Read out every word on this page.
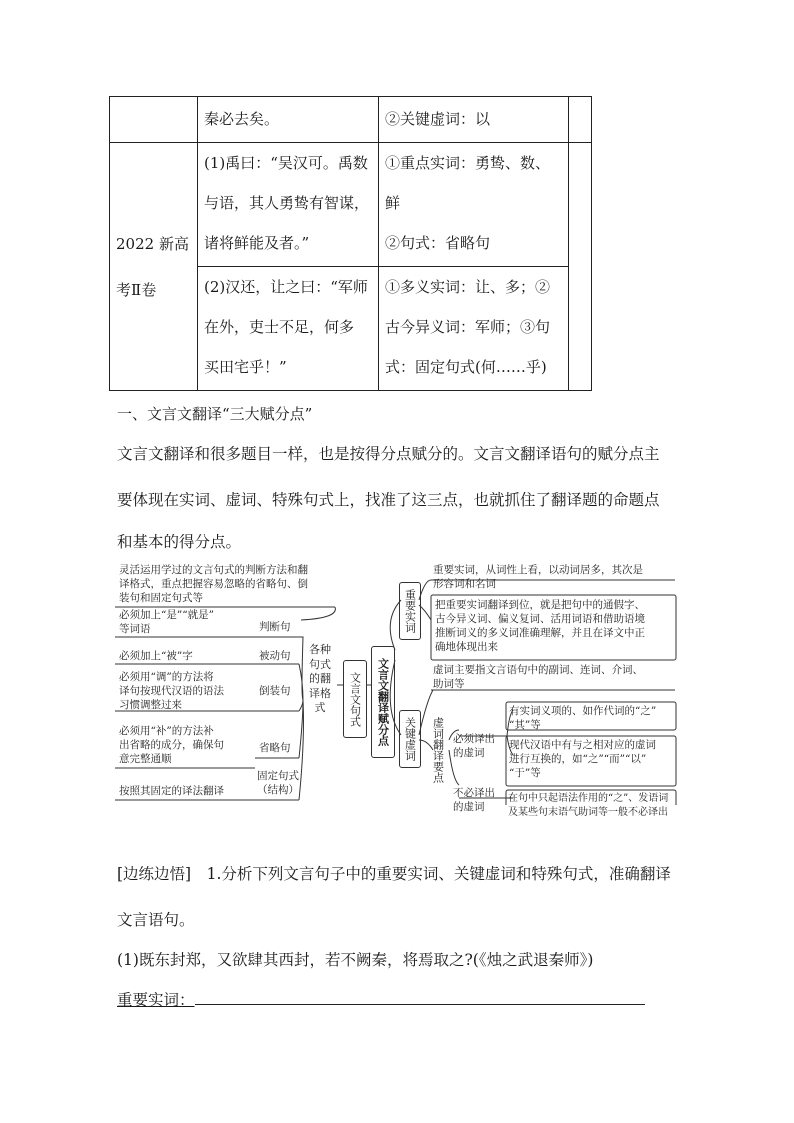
	秦必去矣。	②关键虚词：以	

2022 新高
考Ⅱ卷	(1)禹曰：“吴汉可。禹数
与语，其人勇鸷有智谋，
诸将鲜能及者。”	①重点实词：勇鸷、数、
鲜
②句式：省略句	

	(2)汉还，让之曰：“军师
在外，吏士不足，何多
买田宅乎！”	①多义实词：让、多；②
古今异义词：军师；③句
式：固定句式(何……乎)	
一、文言文翻译“三大赋分点”
文言文翻译和很多题目一样，也是按得分点赋分的。文言文翻译语句的赋分点主
要体现在实词、虚词、特殊句式上，找准了这三点，也就抓住了翻译题的命题点
和基本的得分点。
灵活运用学过的文言句式的判断方法和翻
译格式，重点把握容易忽略的省略句、倒
装句和固定句式等
必须加上“是”“就是”
等词语	判断句
必须加上“被”字	被动句
必须用“调”的方法将
译句按现代汉语的语法
习惯调整过来
倒装句
必须用“补”的方法补
出省略的成分，确保句
意完整通顺
省略句
固定句式
（结构）
按照其固定的译法翻译
各种句式的翻译格式	文言文句式 文言文翻译赋分点
重要实词
重要实词，从词性上看，以动词居多，其次是
形容词和名词
把重要实词翻译到位，就是把句中的通假字、
古今异义词、偏义复词、活用词语和借助语境
推断词义的多义词准确理解，并且在译文中正
确地体现出来
关键虚词
虚词主要指文言语句中的副词、连词、介词、
助词等
虚词翻译要点 必须译出
的虚词
不必译出
的虚词
有实词义项的、如作代词的“之”
“其”等
现代汉语中有与之相对应的虚词
进行互换的，如“之”“而”“以”
“于”等
在句中只起语法作用的“之”、发语词
及某些句末语气助词等一般不必译出
[边练边悟]　1.分析下列文言句子中的重要实词、关键虚词和特殊句式，准确翻译
文言语句。
(1)既东封郑，又欲肆其西封，若不阙秦，将焉取之?(《烛之武退秦师》)
重要实词：
